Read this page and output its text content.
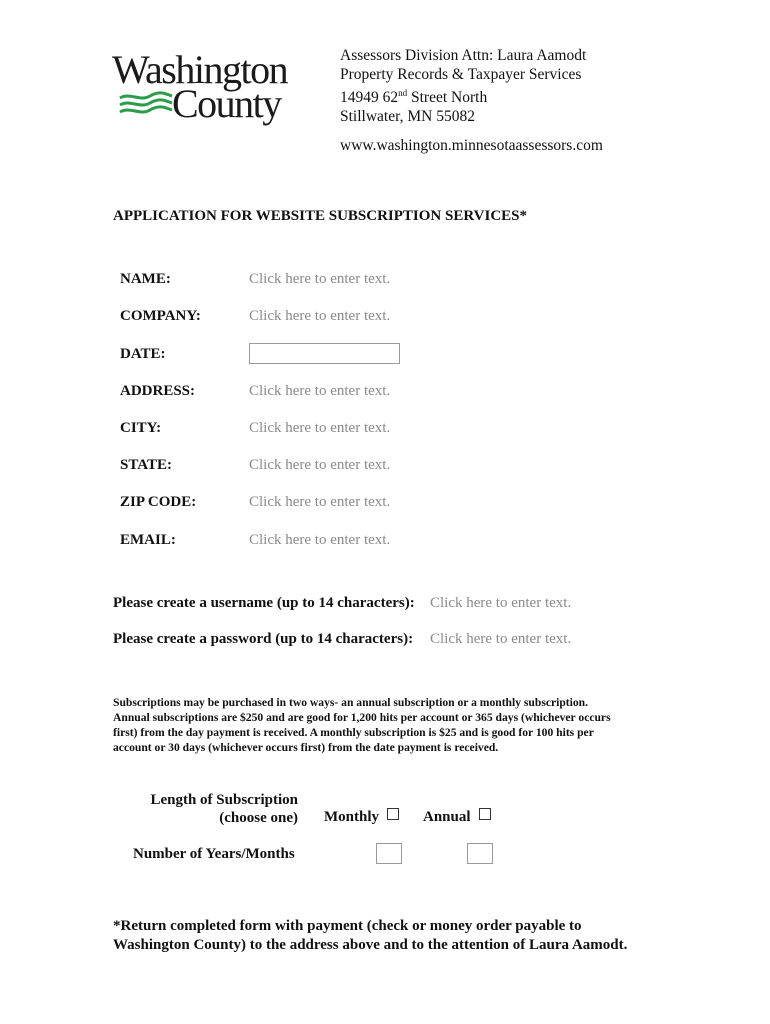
Washington
County
Assessors Division Attn: Laura Aamodt
Property Records & Taxpayer Services
14949 62nd Street North
Stillwater, MN 55082
www.washington.minnesotaassessors.com
APPLICATION FOR WEBSITE SUBSCRIPTION SERVICES*
NAME:	Click here to enter text.
COMPANY:	Click here to enter text.
DATE:
ADDRESS:	Click here to enter text.
CITY:	Click here to enter text.
STATE:	Click here to enter text.
ZIP CODE:	Click here to enter text.
EMAIL:	Click here to enter text.
Please create a username (up to 14 characters): Click here to enter text.
Please create a password (up to 14 characters): Click here to enter text.
Subscriptions may be purchased in two ways- an annual subscription or a monthly subscription.
Annual subscriptions are $250 and are good for 1,200 hits per account or 365 days (whichever occurs
first) from the day payment is received. A monthly subscription is $25 and is good for 100 hits per
account or 30 days (whichever occurs first) from the date payment is received.
Length of Subscription
(choose one) Monthly	Annual
Number of Years/Months
*Return completed form with payment (check or money order payable to
Washington County) to the address above and to the attention of Laura Aamodt.
